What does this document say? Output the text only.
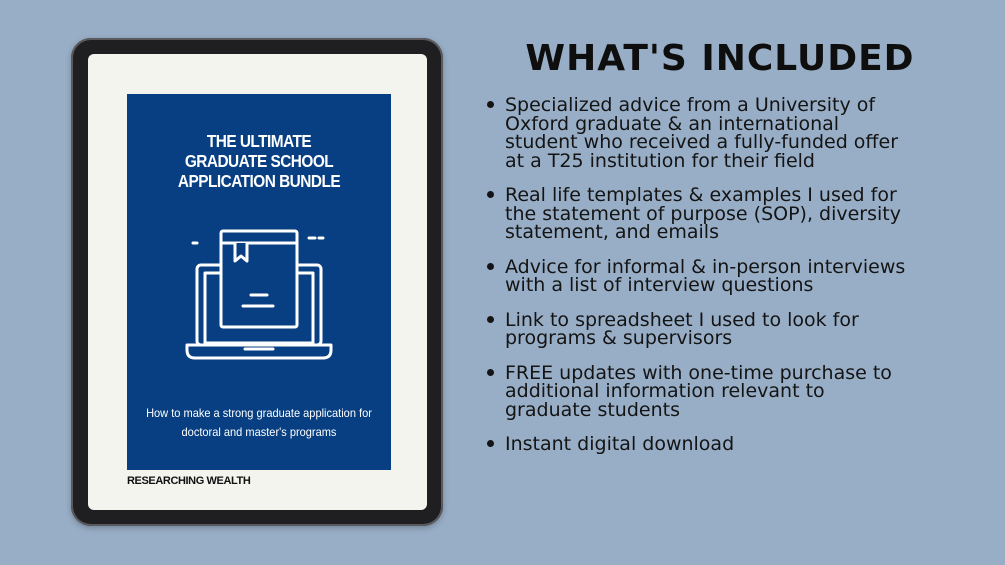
THE ULTIMATE
GRADUATE SCHOOL
APPLICATION BUNDLE
How to make a strong graduate application for
doctoral and master's programs
RESEARCHING WEALTH
WHAT'S INCLUDED
Specialized advice from a University of
Oxford graduate & an international
student who received a fully-funded offer
at a T25 institution for their field
Real life templates & examples I used for
the statement of purpose (SOP), diversity
statement, and emails
Advice for informal & in-person interviews
with a list of interview questions
Link to spreadsheet I used to look for
programs & supervisors
FREE updates with one-time purchase to
additional information relevant to
graduate students
Instant digital download
